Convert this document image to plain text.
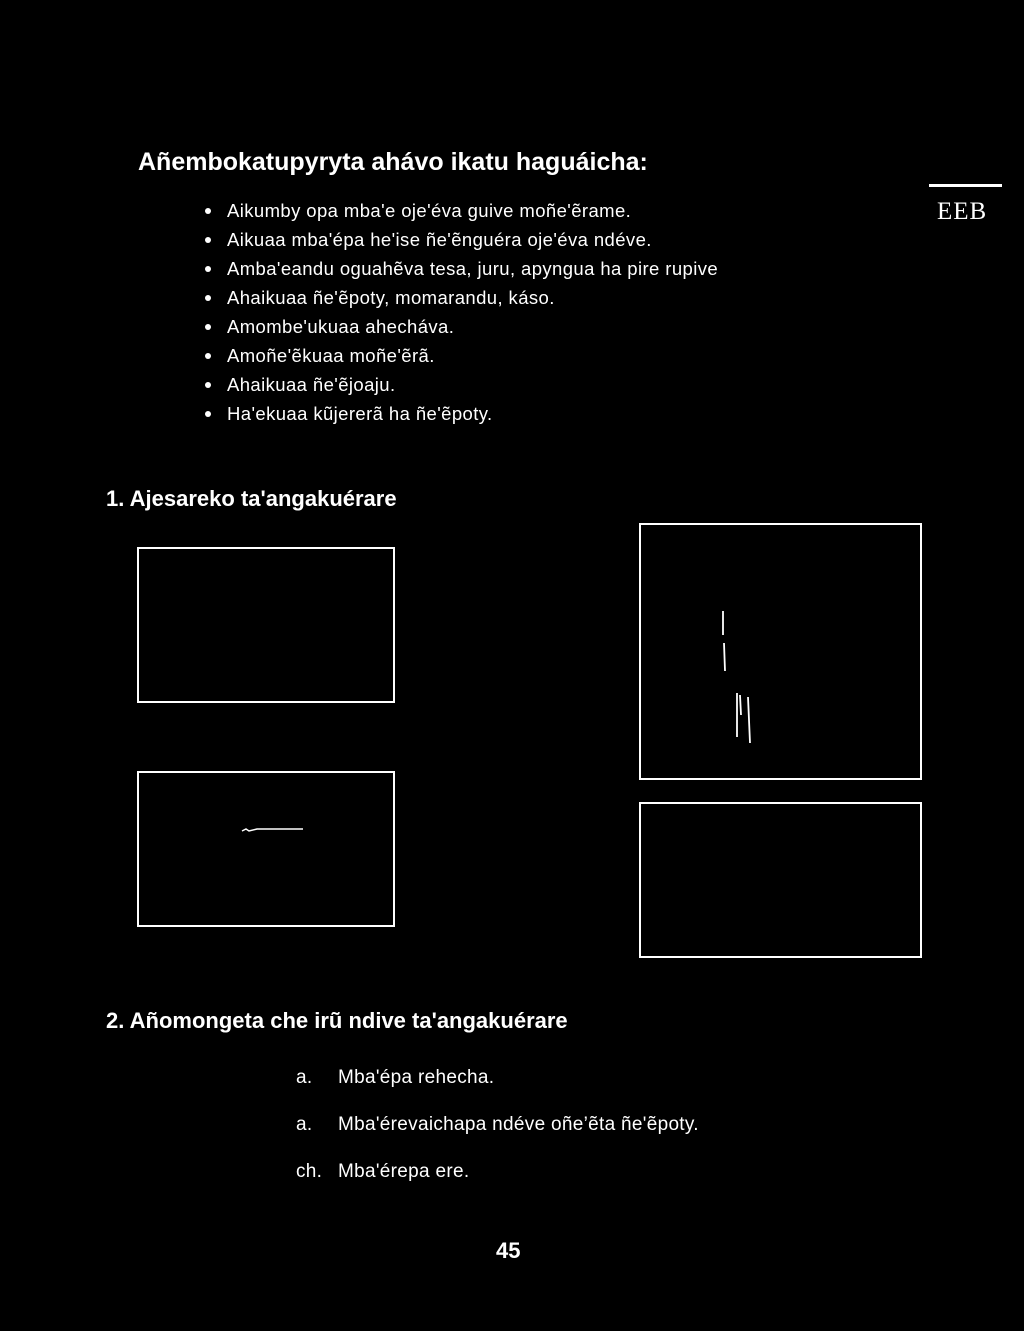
Añembokatupyryta ahávo ikatu haguáicha:
EEB
Aikumby opa mba'e oje'éva guive moñe'ẽrame.
Aikuaa mba'épa he'ise ñe'ẽnguéra oje'éva ndéve.
Amba'eandu oguahẽva tesa, juru, apyngua ha pire rupive
Ahaikuaa ñe'ẽpoty, momarandu, káso.
Amombe'ukuaa ahecháva.
Amoñe'ẽkuaa moñe'ẽrã.
Ahaikuaa ñe'ẽjoaju.
Ha'ekuaa kũjererã ha ñe'ẽpoty.
1. Ajesareko ta'angakuérare
2. Añomongeta che irũ ndive ta'angakuérare
a. Mba'épa rehecha.
a. Mba'érevaichapa ndéve oñe’ẽta ñe'ẽpoty.
ch. Mba'érepa ere.
45
